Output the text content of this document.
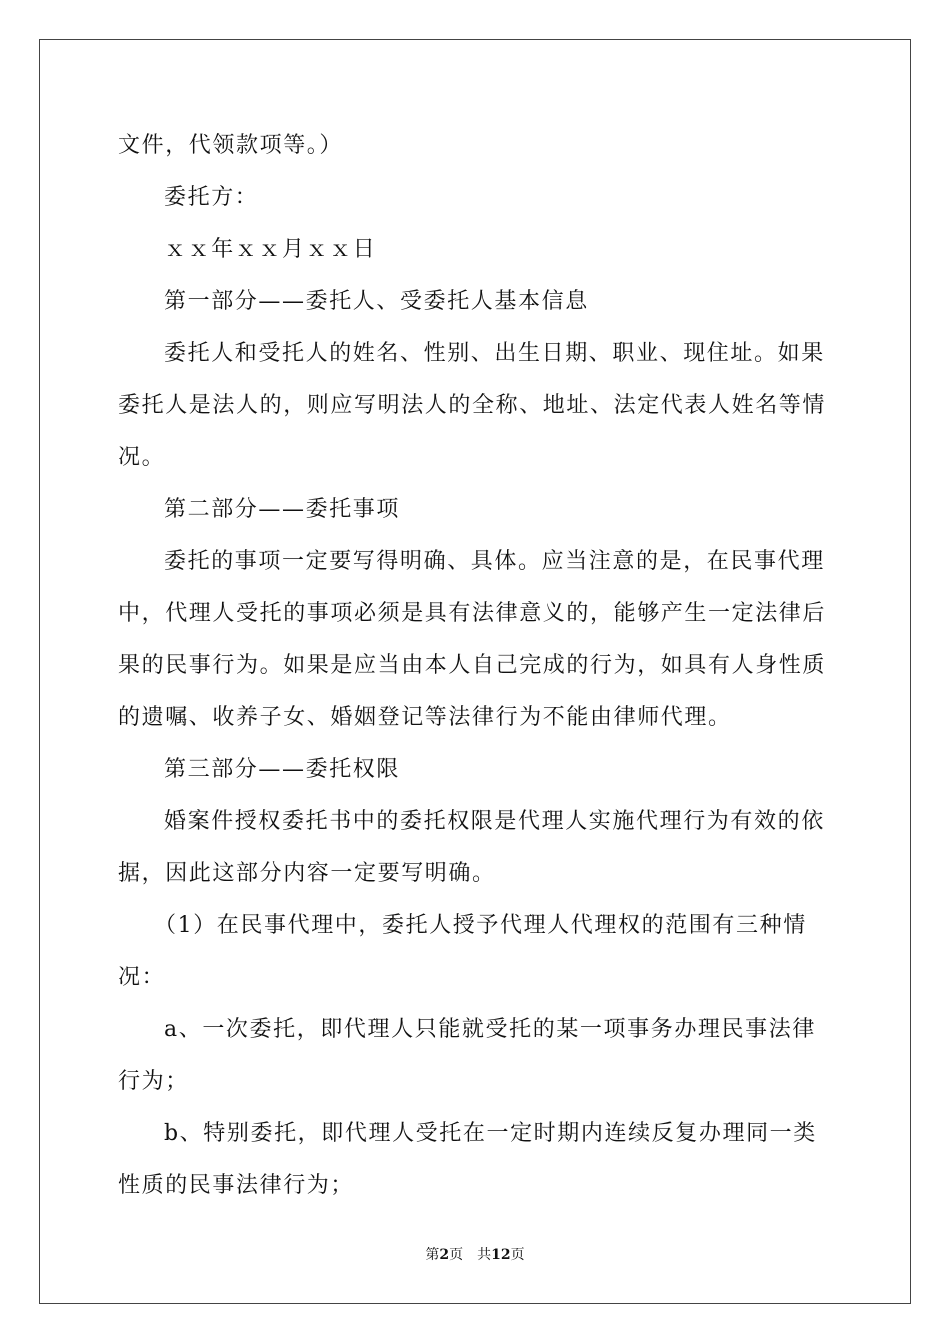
文件，代领款项等。）
委托方：
ｘｘ年ｘｘ月ｘｘ日
第一部分——委托人、受委托人基本信息
委托人和受托人的姓名、性别、出生日期、职业、现住址。如果
委托人是法人的，则应写明法人的全称、地址、法定代表人姓名等情
况。
第二部分——委托事项
委托的事项一定要写得明确、具体。应当注意的是，在民事代理
中，代理人受托的事项必须是具有法律意义的，能够产生一定法律后
果的民事行为。如果是应当由本人自己完成的行为，如具有人身性质
的遗嘱、收养子女、婚姻登记等法律行为不能由律师代理。
第三部分——委托权限
婚案件授权委托书中的委托权限是代理人实施代理行为有效的依
据，因此这部分内容一定要写明确。
（1）在民事代理中，委托人授予代理人代理权的范围有三种情
况：
a、一次委托，即代理人只能就受托的某一项事务办理民事法律
行为；
b、特别委托，即代理人受托在一定时期内连续反复办理同一类
性质的民事法律行为；
第2页　共12页
